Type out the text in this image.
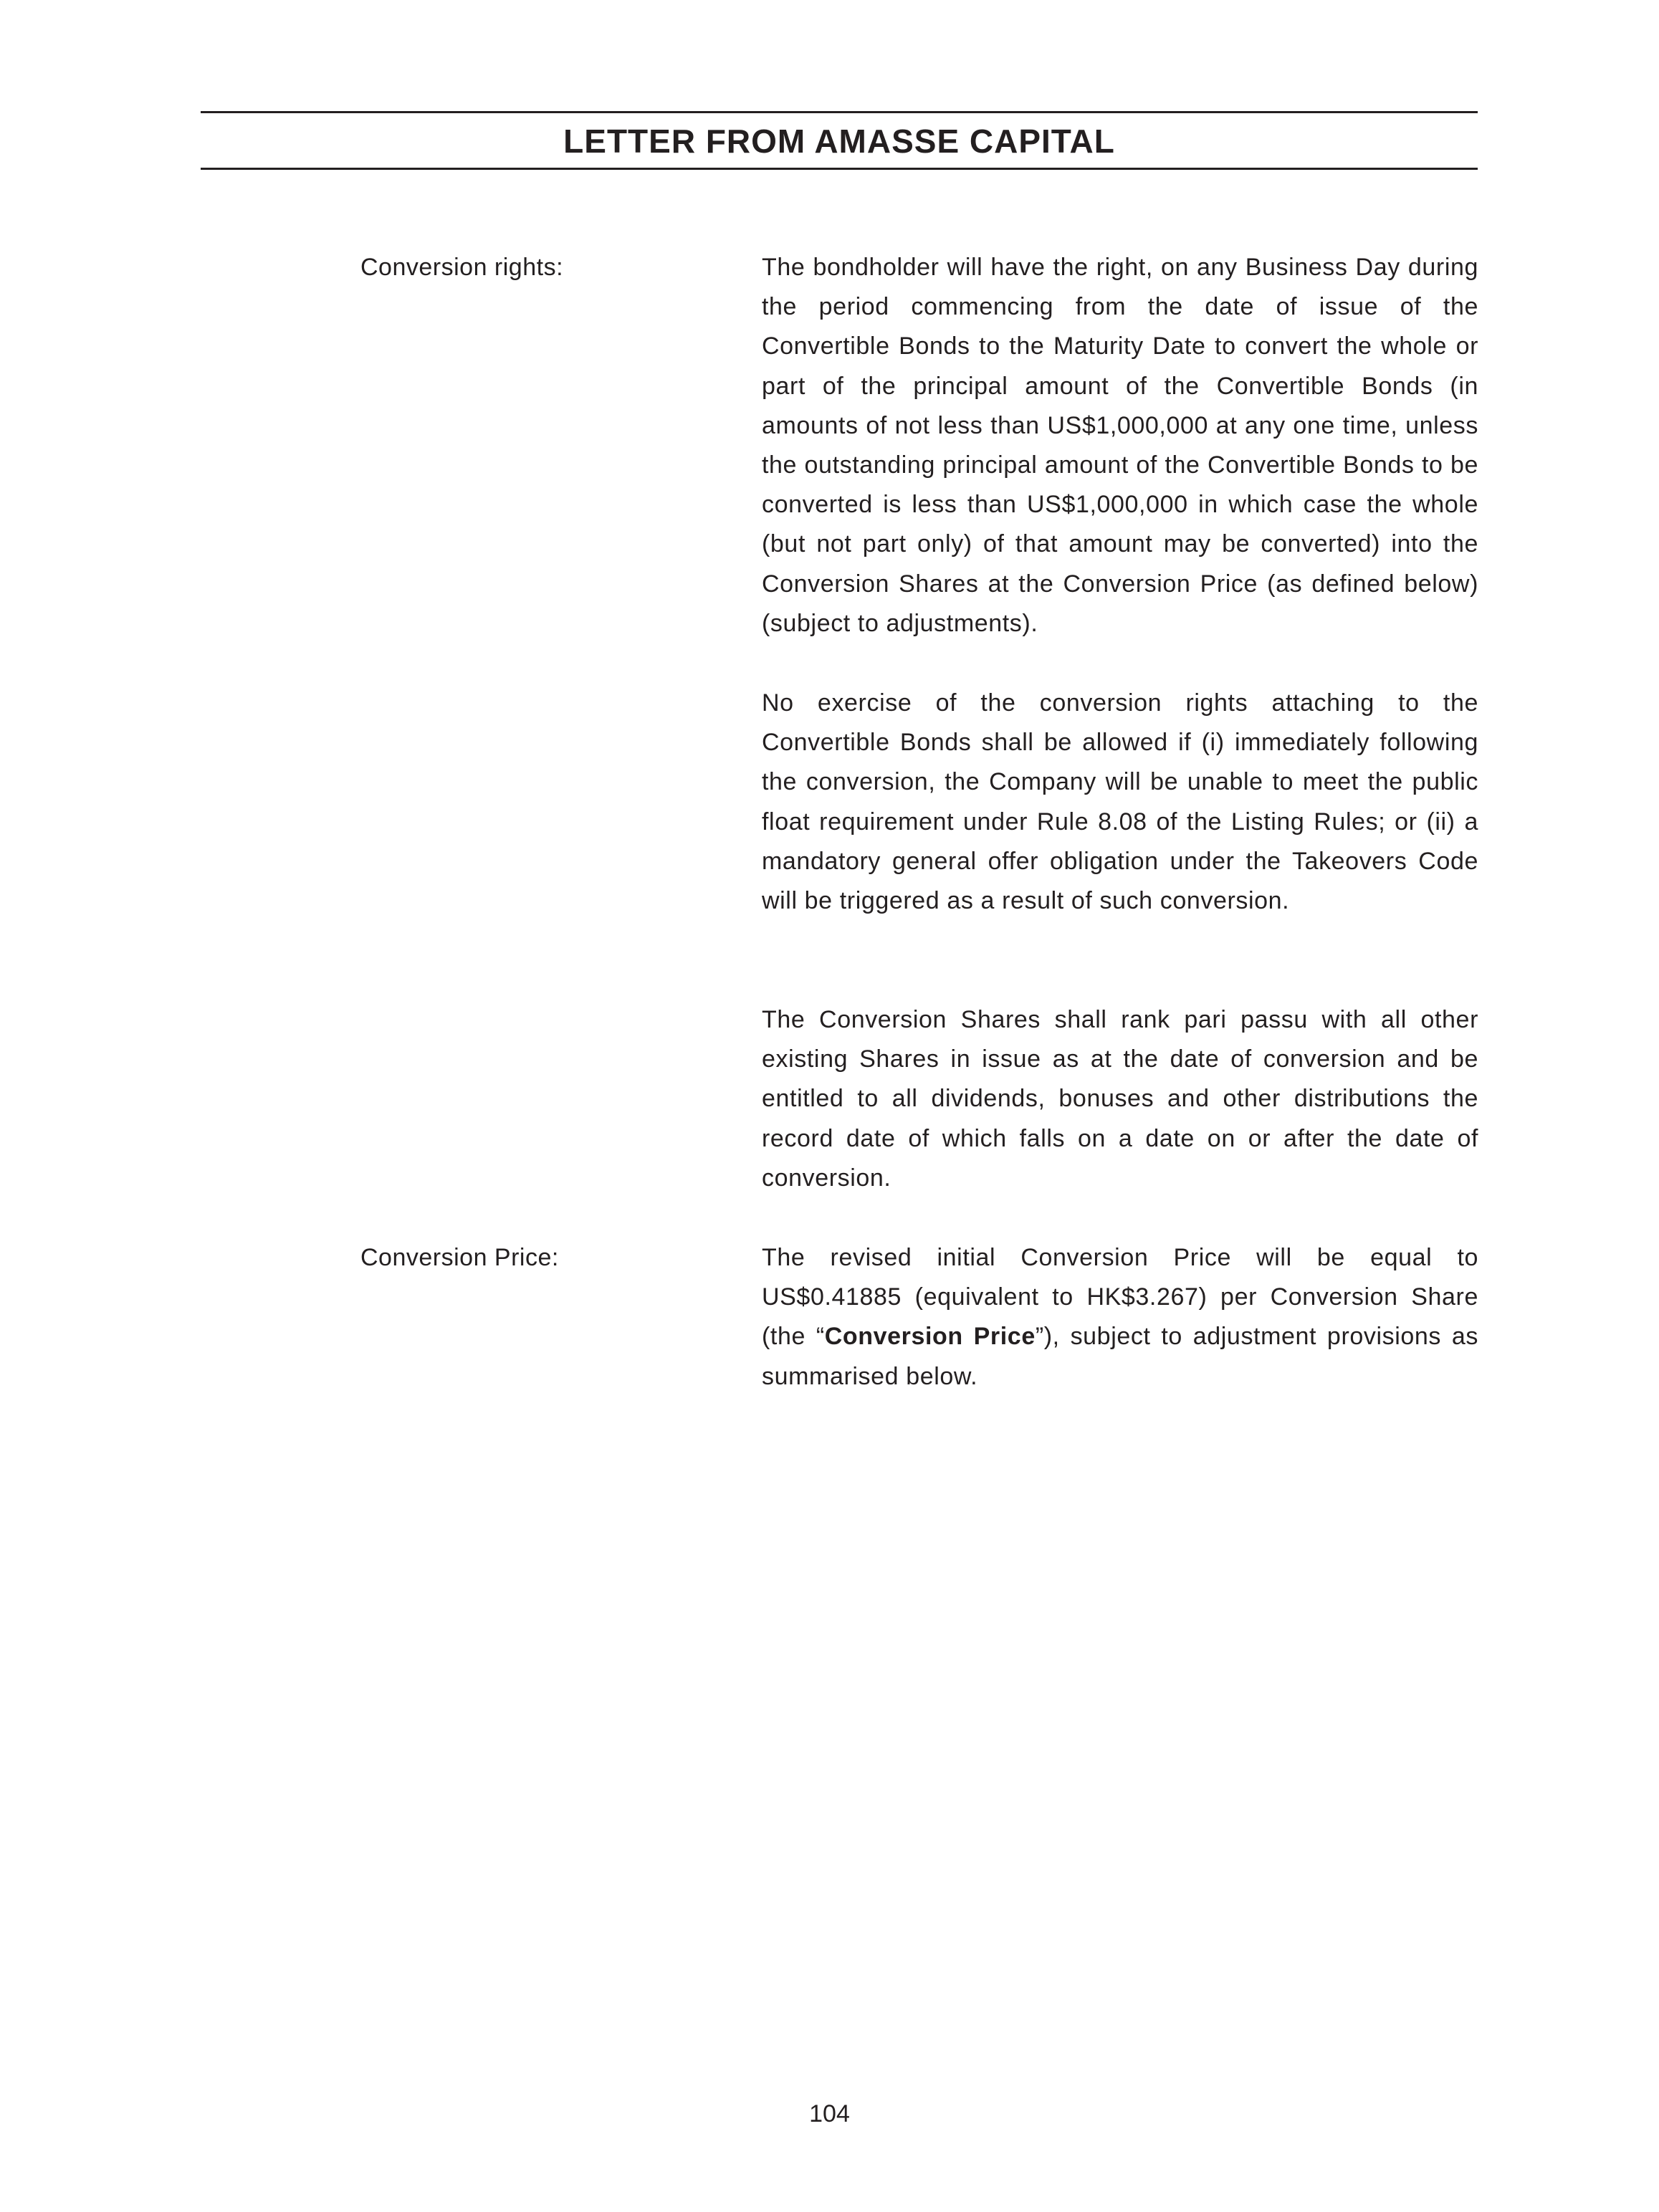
LETTER FROM AMASSE CAPITAL
Conversion rights:	The bondholder will have the right, on any Business Day during the period commencing from the date of issue of the Convertible Bonds to the Maturity Date to convert the whole or part of the principal amount of the Convertible Bonds (in amounts of not less than US$1,000,000 at any one time, unless the outstanding principal amount of the Convertible Bonds to be converted is less than US$1,000,000 in which case the whole (but not part only) of that amount may be converted) into the Conversion Shares at the Conversion Price (as defined below) (subject to adjustments).
No exercise of the conversion rights attaching to the Convertible Bonds shall be allowed if (i) immediately following the conversion, the Company will be unable to meet the public float requirement under Rule 8.08 of the Listing Rules; or (ii) a mandatory general offer obligation under the Takeovers Code will be triggered as a result of such conversion.
The Conversion Shares shall rank pari passu with all other existing Shares in issue as at the date of conversion and be entitled to all dividends, bonuses and other distributions the record date of which falls on a date on or after the date of conversion.
Conversion Price:	The revised initial Conversion Price will be equal to US$0.41885 (equivalent to HK$3.267) per Conversion Share (the “Conversion Price”), subject to adjustment provisions as summarised below.
104
